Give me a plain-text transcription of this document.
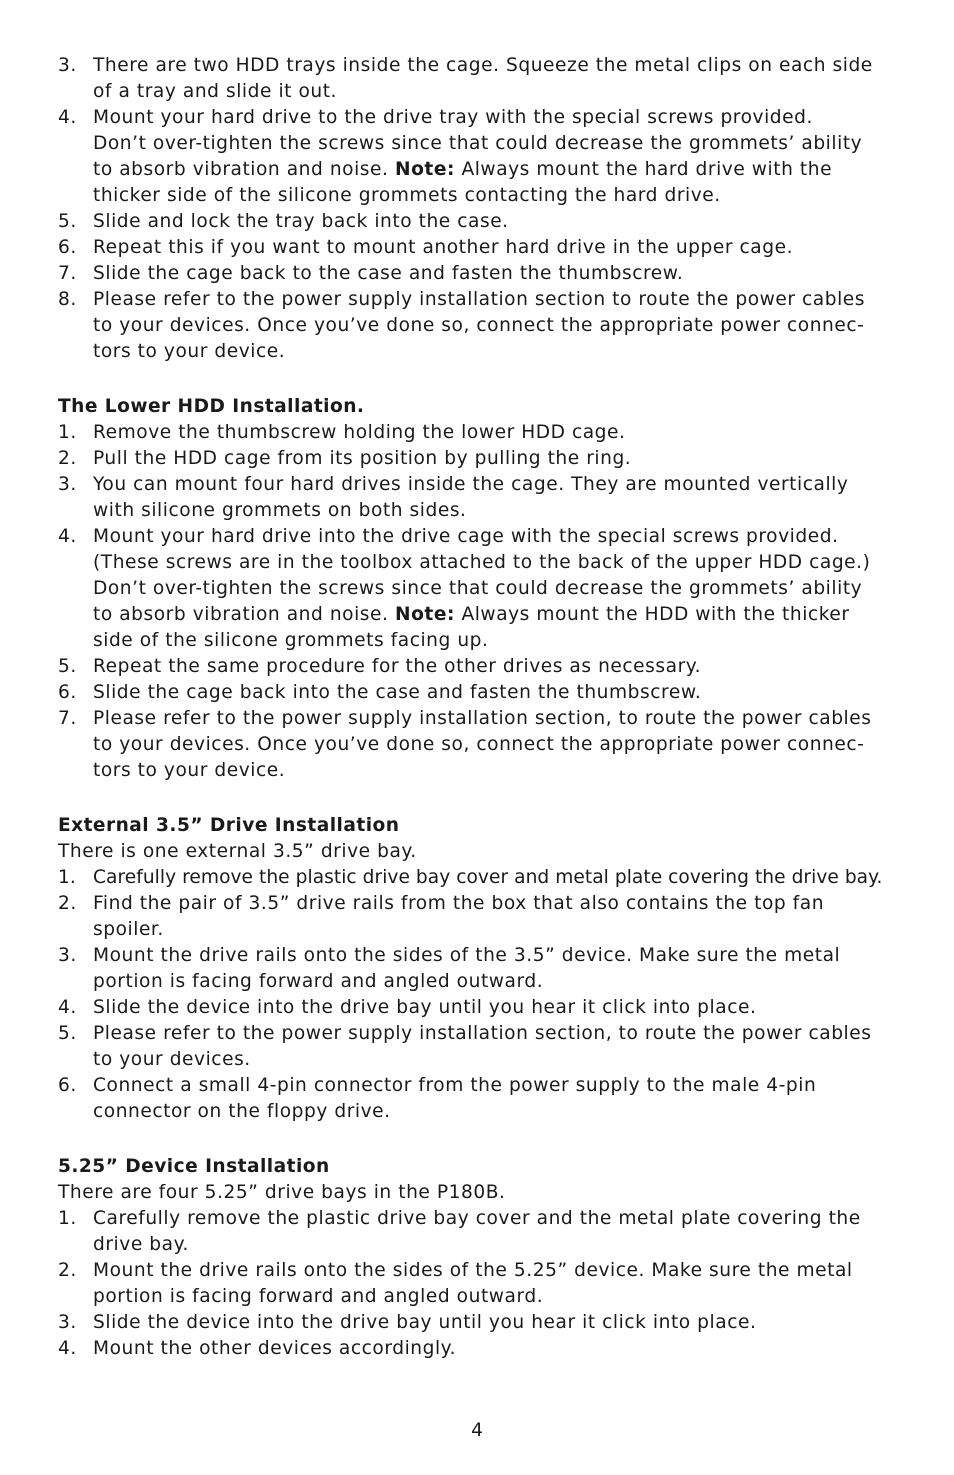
3. There are two HDD trays inside the cage. Squeeze the metal clips on each side
of a tray and slide it out.
4. Mount your hard drive to the drive tray with the special screws provided.
Don’t over-tighten the screws since that could decrease the grommets’ ability
to absorb vibration and noise. Note: Always mount the hard drive with the
thicker side of the silicone grommets contacting the hard drive.
5. Slide and lock the tray back into the case.
6. Repeat this if you want to mount another hard drive in the upper cage.
7. Slide the cage back to the case and fasten the thumbscrew.
8. Please refer to the power supply installation section to route the power cables
to your devices. Once you’ve done so, connect the appropriate power connec-
tors to your device.
The Lower HDD Installation.
1. Remove the thumbscrew holding the lower HDD cage.
2. Pull the HDD cage from its position by pulling the ring.
3. You can mount four hard drives inside the cage. They are mounted vertically
with silicone grommets on both sides.
4. Mount your hard drive into the drive cage with the special screws provided.
(These screws are in the toolbox attached to the back of the upper HDD cage.)
Don’t over-tighten the screws since that could decrease the grommets’ ability
to absorb vibration and noise. Note: Always mount the HDD with the thicker
side of the silicone grommets facing up.
5. Repeat the same procedure for the other drives as necessary.
6. Slide the cage back into the case and fasten the thumbscrew.
7. Please refer to the power supply installation section, to route the power cables
to your devices. Once you’ve done so, connect the appropriate power connec-
tors to your device.
External 3.5” Drive Installation
There is one external 3.5” drive bay.
1. Carefully remove the plastic drive bay cover and metal plate covering the drive bay.
2. Find the pair of 3.5” drive rails from the box that also contains the top fan
spoiler.
3. Mount the drive rails onto the sides of the 3.5” device. Make sure the metal
portion is facing forward and angled outward.
4. Slide the device into the drive bay until you hear it click into place.
5. Please refer to the power supply installation section, to route the power cables
to your devices.
6. Connect a small 4-pin connector from the power supply to the male 4-pin
connector on the floppy drive.
5.25” Device Installation
There are four 5.25” drive bays in the P180B.
1. Carefully remove the plastic drive bay cover and the metal plate covering the
drive bay.
2. Mount the drive rails onto the sides of the 5.25” device. Make sure the metal
portion is facing forward and angled outward.
3. Slide the device into the drive bay until you hear it click into place.
4. Mount the other devices accordingly.
4
